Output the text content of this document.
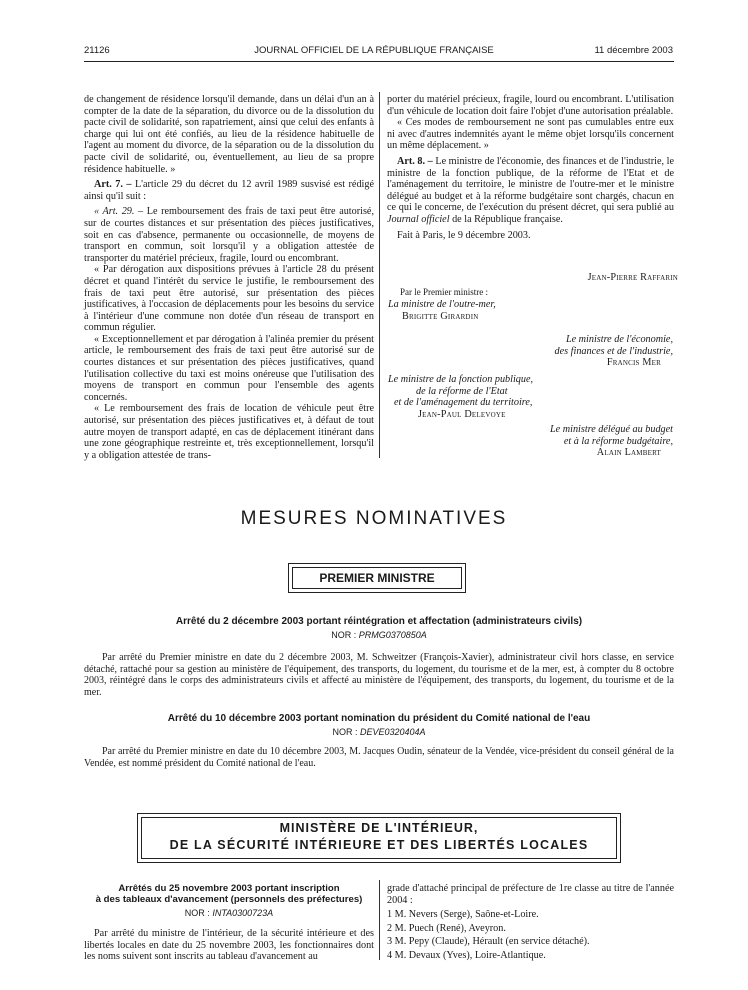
21126	JOURNAL OFFICIEL DE LA RÉPUBLIQUE FRANÇAISE	11 décembre 2003

de changement de résidence lorsqu'il demande, dans un délai d'un an à compter de la date de la séparation, du divorce ou de la dissolution du pacte civil de solidarité, son rapatriement, ainsi que celui des enfants à charge qui lui ont été confiés, au lieu de la résidence habituelle de l'agent au moment du divorce, de la séparation ou de la dissolution du pacte civil de solidarité, ou, éventuellement, au lieu de sa propre résidence habituelle. »

Art. 7. – L'article 29 du décret du 12 avril 1989 susvisé est rédigé ainsi qu'il suit :

« Art. 29. – Le remboursement des frais de taxi peut être autorisé, sur de courtes distances et sur présentation des pièces justificatives, soit en cas d'absence, permanente ou occasionnelle, de moyens de transport en commun, soit lorsqu'il y a obligation attestée de transporter du matériel précieux, fragile, lourd ou encombrant.

« Par dérogation aux dispositions prévues à l'article 28 du présent décret et quand l'intérêt du service le justifie, le remboursement des frais de taxi peut être autorisé, sur présentation des pièces justificatives, à l'occasion de déplacements pour les besoins du service à l'intérieur d'une commune non dotée d'un réseau de transport en commun régulier.

« Exceptionnellement et par dérogation à l'alinéa premier du présent article, le remboursement des frais de taxi peut être autorisé sur de courtes distances et sur présentation des pièces justificatives, quand l'utilisation collective du taxi est moins onéreuse que l'utilisation des moyens de transport en commun pour l'ensemble des agents concernés.

« Le remboursement des frais de location de véhicule peut être autorisé, sur présentation des pièces justificatives et, à défaut de tout autre moyen de transport adapté, en cas de déplacement itinérant dans une zone géographique restreinte et, très exceptionnellement, lorsqu'il y a obligation attestée de trans-

porter du matériel précieux, fragile, lourd ou encombrant. L'utilisation d'un véhicule de location doit faire l'objet d'une autorisation préalable.

« Ces modes de remboursement ne sont pas cumulables entre eux ni avec d'autres indemnités ayant le même objet lorsqu'ils concernent un même déplacement. »

Art. 8. – Le ministre de l'économie, des finances et de l'industrie, le ministre de la fonction publique, de la réforme de l'Etat et de l'aménagement du territoire, le ministre de l'outre-mer et le ministre délégué au budget et à la réforme budgétaire sont chargés, chacun en ce qui le concerne, de l'exécution du présent décret, qui sera publié au Journal officiel de la République française.

Fait à Paris, le 9 décembre 2003.

Jean-Pierre Raffarin
Par le Premier ministre :
La ministre de l'outre-mer,
Brigitte Girardin
Le ministre de l'économie,
des finances et de l'industrie,
Francis Mer
Le ministre de la fonction publique,
de la réforme de l'Etat
et de l'aménagement du territoire,
Jean-Paul Delevoye
Le ministre délégué au budget
et à la réforme budgétaire,
Alain Lambert
MESURES NOMINATIVES
PREMIER MINISTRE
Arrêté du 2 décembre 2003 portant réintégration et affectation (administrateurs civils)
NOR : PRMG0370850A
Par arrêté du Premier ministre en date du 2 décembre 2003, M. Schweitzer (François-Xavier), administrateur civil hors classe, en service détaché, rattaché pour sa gestion au ministère de l'équipement, des transports, du logement, du tourisme et de la mer, est, à compter du 8 octobre 2003, réintégré dans le corps des administrateurs civils et affecté au ministère de l'équipement, des transports, du logement, du tourisme et de la mer.
Arrêté du 10 décembre 2003 portant nomination du président du Comité national de l'eau
NOR : DEVE0320404A
Par arrêté du Premier ministre en date du 10 décembre 2003, M. Jacques Oudin, sénateur de la Vendée, vice-président du conseil général de la Vendée, est nommé président du Comité national de l'eau.
MINISTÈRE DE L'INTÉRIEUR,
DE LA SÉCURITÉ INTÉRIEURE ET DES LIBERTÉS LOCALES
Arrêtés du 25 novembre 2003 portant inscription
à des tableaux d'avancement (personnels des préfectures)
NOR : INTA0300723A

Par arrêté du ministre de l'intérieur, de la sécurité intérieure et des libertés locales en date du 25 novembre 2003, les fonctionnaires dont les noms suivent sont inscrits au tableau d'avancement au

grade d'attaché principal de préfecture de 1re classe au titre de l'année 2004 :

1 M. Nevers (Serge), Saône-et-Loire.

2 M. Puech (René), Aveyron.

3 M. Pepy (Claude), Hérault (en service détaché).

4 M. Devaux (Yves), Loire-Atlantique.
